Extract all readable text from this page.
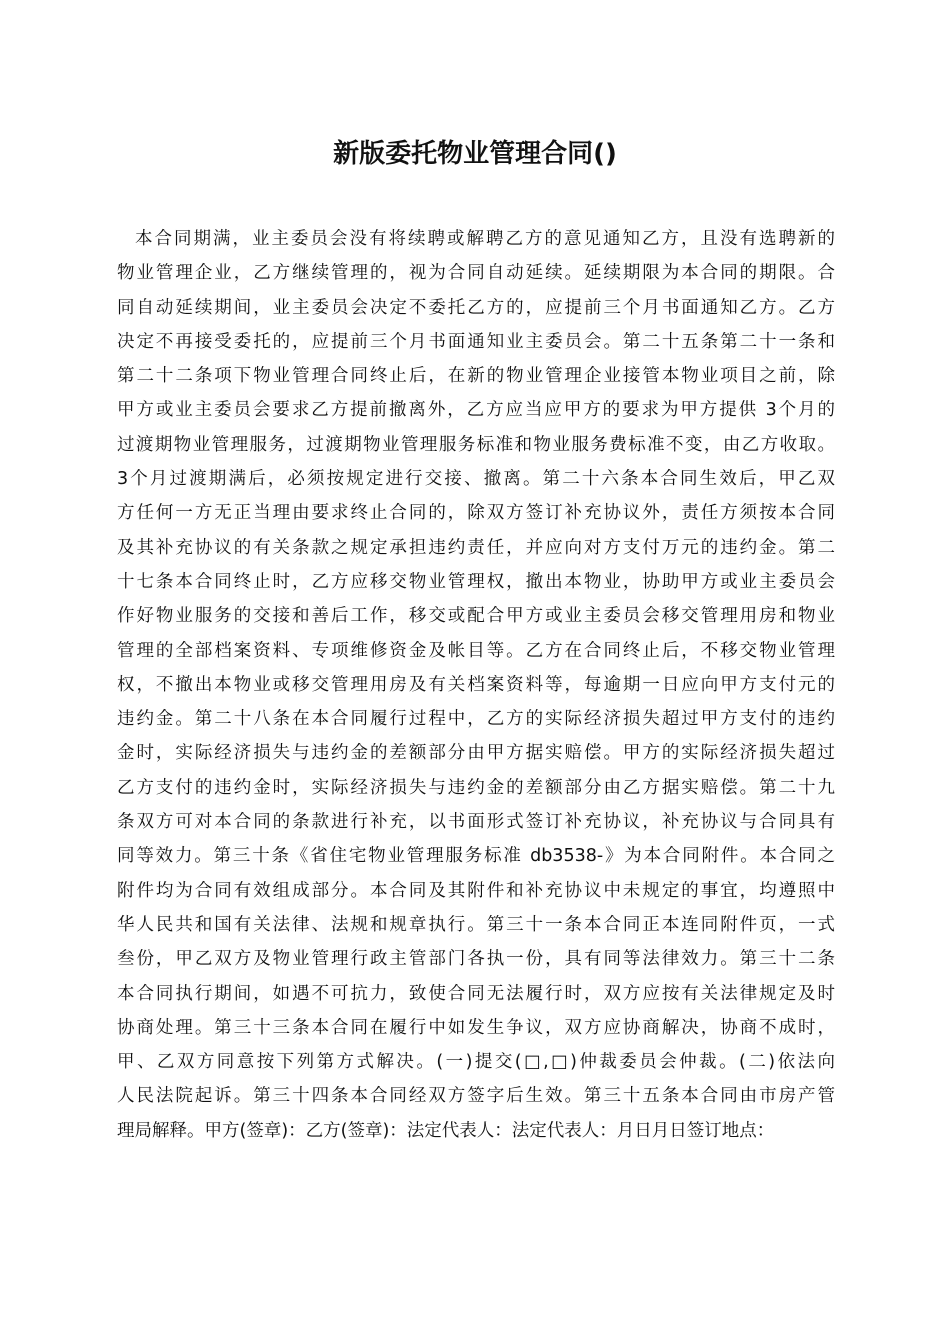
新版委托物业管理合同()
本合同期满，业主委员会没有将续聘或解聘乙方的意见通知乙方，且没有选聘新的
物业管理企业，乙方继续管理的，视为合同自动延续。延续期限为本合同的期限。合
同自动延续期间，业主委员会决定不委托乙方的，应提前三个月书面通知乙方。乙方
决定不再接受委托的，应提前三个月书面通知业主委员会。第二十五条第二十一条和
第二十二条项下物业管理合同终止后，在新的物业管理企业接管本物业项目之前，除
甲方或业主委员会要求乙方提前撤离外，乙方应当应甲方的要求为甲方提供 3个月的
过渡期物业管理服务，过渡期物业管理服务标准和物业服务费标准不变，由乙方收取。
3个月过渡期满后，必须按规定进行交接、撤离。第二十六条本合同生效后，甲乙双
方任何一方无正当理由要求终止合同的，除双方签订补充协议外，责任方须按本合同
及其补充协议的有关条款之规定承担违约责任，并应向对方支付万元的违约金。第二
十七条本合同终止时，乙方应移交物业管理权，撤出本物业，协助甲方或业主委员会
作好物业服务的交接和善后工作，移交或配合甲方或业主委员会移交管理用房和物业
管理的全部档案资料、专项维修资金及帐目等。乙方在合同终止后，不移交物业管理
权，不撤出本物业或移交管理用房及有关档案资料等，每逾期一日应向甲方支付元的
违约金。第二十八条在本合同履行过程中，乙方的实际经济损失超过甲方支付的违约
金时，实际经济损失与违约金的差额部分由甲方据实赔偿。甲方的实际经济损失超过
乙方支付的违约金时，实际经济损失与违约金的差额部分由乙方据实赔偿。第二十九
条双方可对本合同的条款进行补充，以书面形式签订补充协议，补充协议与合同具有
同等效力。第三十条《省住宅物业管理服务标准 db3538-》为本合同附件。本合同之
附件均为合同有效组成部分。本合同及其附件和补充协议中未规定的事宜，均遵照中
华人民共和国有关法律、法规和规章执行。第三十一条本合同正本连同附件页，一式
叁份，甲乙双方及物业管理行政主管部门各执一份，具有同等法律效力。第三十二条
本合同执行期间，如遇不可抗力，致使合同无法履行时，双方应按有关法律规定及时
协商处理。第三十三条本合同在履行中如发生争议，双方应协商解决，协商不成时，
甲、乙双方同意按下列第方式解决。(一)提交(□,□)仲裁委员会仲裁。(二)依法向
人民法院起诉。第三十四条本合同经双方签字后生效。第三十五条本合同由市房产管
理局解释。甲方(签章)：乙方(签章)：法定代表人：法定代表人：月日月日签订地点：
